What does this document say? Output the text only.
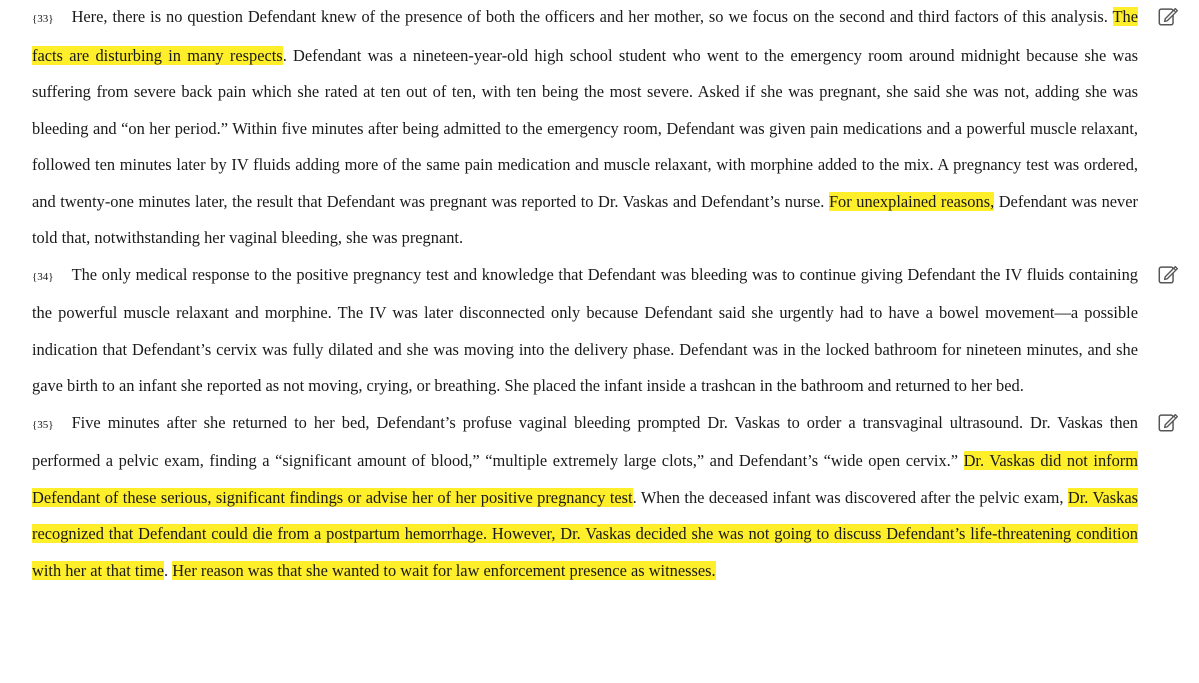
{33} Here, there is no question Defendant knew of the presence of both the officers and her mother, so we focus on the second and third factors of this analysis. The facts are disturbing in many respects. Defendant was a nineteen-year-old high school student who went to the emergency room around midnight because she was suffering from severe back pain which she rated at ten out of ten, with ten being the most severe. Asked if she was pregnant, she said she was not, adding she was bleeding and “on her period.” Within five minutes after being admitted to the emergency room, Defendant was given pain medications and a powerful muscle relaxant, followed ten minutes later by IV fluids adding more of the same pain medication and muscle relaxant, with morphine added to the mix. A pregnancy test was ordered, and twenty-one minutes later, the result that Defendant was pregnant was reported to Dr. Vaskas and Defendant’s nurse. For unexplained reasons, Defendant was never told that, notwithstanding her vaginal bleeding, she was pregnant.

{34} The only medical response to the positive pregnancy test and knowledge that Defendant was bleeding was to continue giving Defendant the IV fluids containing the powerful muscle relaxant and morphine. The IV was later disconnected only because Defendant said she urgently had to have a bowel movement—a possible indication that Defendant’s cervix was fully dilated and she was moving into the delivery phase. Defendant was in the locked bathroom for nineteen minutes, and she gave birth to an infant she reported as not moving, crying, or breathing. She placed the infant inside a trashcan in the bathroom and returned to her bed.

{35} Five minutes after she returned to her bed, Defendant’s profuse vaginal bleeding prompted Dr. Vaskas to order a transvaginal ultrasound. Dr. Vaskas then performed a pelvic exam, finding a “significant amount of blood,” “multiple extremely large clots,” and Defendant’s “wide open cervix.” Dr. Vaskas did not inform Defendant of these serious, significant findings or advise her of her positive pregnancy test. When the deceased infant was discovered after the pelvic exam, Dr. Vaskas recognized that Defendant could die from a postpartum hemorrhage. However, Dr. Vaskas decided she was not going to discuss Defendant’s life-threatening condition with her at that time. Her reason was that she wanted to wait for law enforcement presence as witnesses.
